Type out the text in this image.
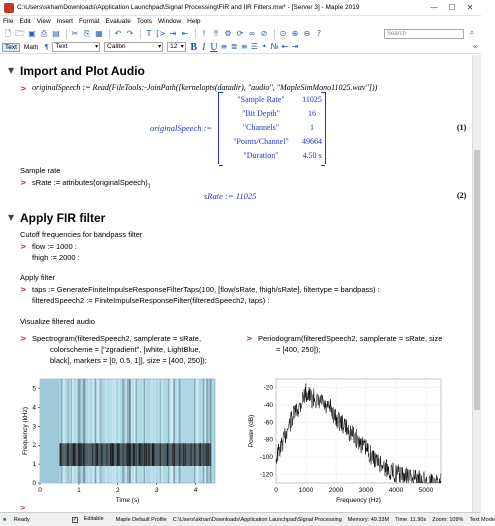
C:\Users\skhan\Downloads\Application Launchpad\Signal Processing\FIR and IIR Filters.mw* - [Server 3] - Maple 2019	—	☐	✕
File Edit View Insert Format Evaluate Tools Window Help
🗋 🗁 ▣ ⎙ ▤ ✂ ⎘ ▦ ↶ ↷	T [> ⇥ ⇤	!	‼ ⚙ ⟳ ∞ ⊘ ⊙ ⊕ ⊖ ?	Search	⌕
Text	Math ¶	Text ▾	Calibri ▾	12 ▾	B I U ≡ ≣ ≡ ☰ • № ⇤ ⇥	«
▼ Import and Plot Audio
> originalSpeech := Read(FileTools:-JoinPath([kernelopts(datadir), "audio", "MapleSimMono11025.wav"]))
originalSpeech :=
"Sample Rate"	11025
"Bit Depth"	16
"Channels"	1
"Points/Channel"	49664
"Duration"	4.50 s
(1)
Sample rate
> sRate := $attributes(originalSpeech)_1$
sRate := 11025	(2)
▼ Apply FIR filter
Cutoff frequencies for bandpass filter
> flow := 1000 :
fhigh := 2000 :
Apply filter
> taps := GenerateFiniteImpulseResponseFilterTaps(100, [flow/sRate, fhigh/sRate], filtertype = bandpass) :
filteredSpeech2 := FiniteImpulseResponseFilter(filteredSpeech2, taps) :
Visualize filtered audio
> Spectrogram(filteredSpeech2, samplerate = sRate,
colorscheme = ["zgradient", [white, LightBlue,
black], markers = [0, 0.5, 1]], size = [400, 250]);
> Periodogram(filteredSpeech2, samplerate = sRate, size
= [400, 250]);
0	1	2	3	4
0
1
2
3
4
5
Time (s)
Frequency (kHz)
0	1000 2000 3000 4000 5000
-20
-40
-60
-80
-100
-120
Frequency (Hz)
Power (dB)
>
■ Ready	✓ Editable	Maple Default Profile C:\Users\skhan\Downloads\Application Launchpad\Signal Processing Memory: 49.33M Time: 11.90s Zoom: 109% Text Mode
